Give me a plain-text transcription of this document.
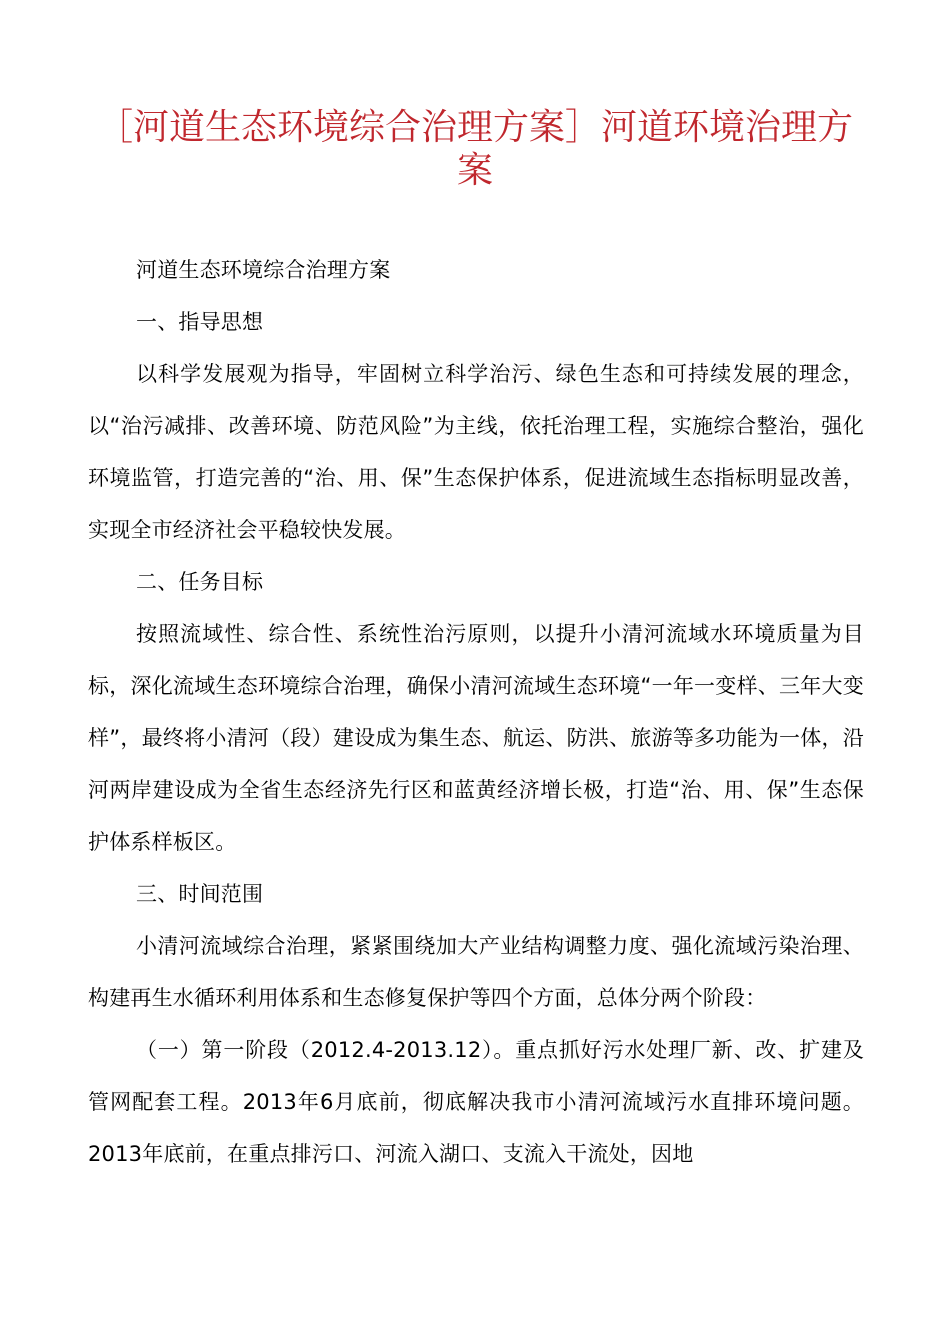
［河道生态环境综合治理方案］河道环境治理方案

河道生态环境综合治理方案

一、指导思想

以科学发展观为指导，牢固树立科学治污、绿色生态和可持续发展的理念，以“治污减排、改善环境、防范风险”为主线，依托治理工程，实施综合整治，强化环境监管，打造完善的“治、用、保”生态保护体系，促进流域生态指标明显改善，实现全市经济社会平稳较快发展。

二、任务目标

按照流域性、综合性、系统性治污原则，以提升小清河流域水环境质量为目标，深化流域生态环境综合治理，确保小清河流域生态环境“一年一变样、三年大变样”，最终将小清河（段）建设成为集生态、航运、防洪、旅游等多功能为一体，沿河两岸建设成为全省生态经济先行区和蓝黄经济增长极，打造“治、用、保”生态保护体系样板区。

三、时间范围

小清河流域综合治理，紧紧围绕加大产业结构调整力度、强化流域污染治理、构建再生水循环利用体系和生态修复保护等四个方面，总体分两个阶段：

（一）第一阶段（2012.4-2013.12）。重点抓好污水处理厂新、改、扩建及管网配套工程。2013年6月底前，彻底解决我市小清河流域污水直排环境问题。2013年底前，在重点排污口、河流入湖口、支流入干流处，因地
